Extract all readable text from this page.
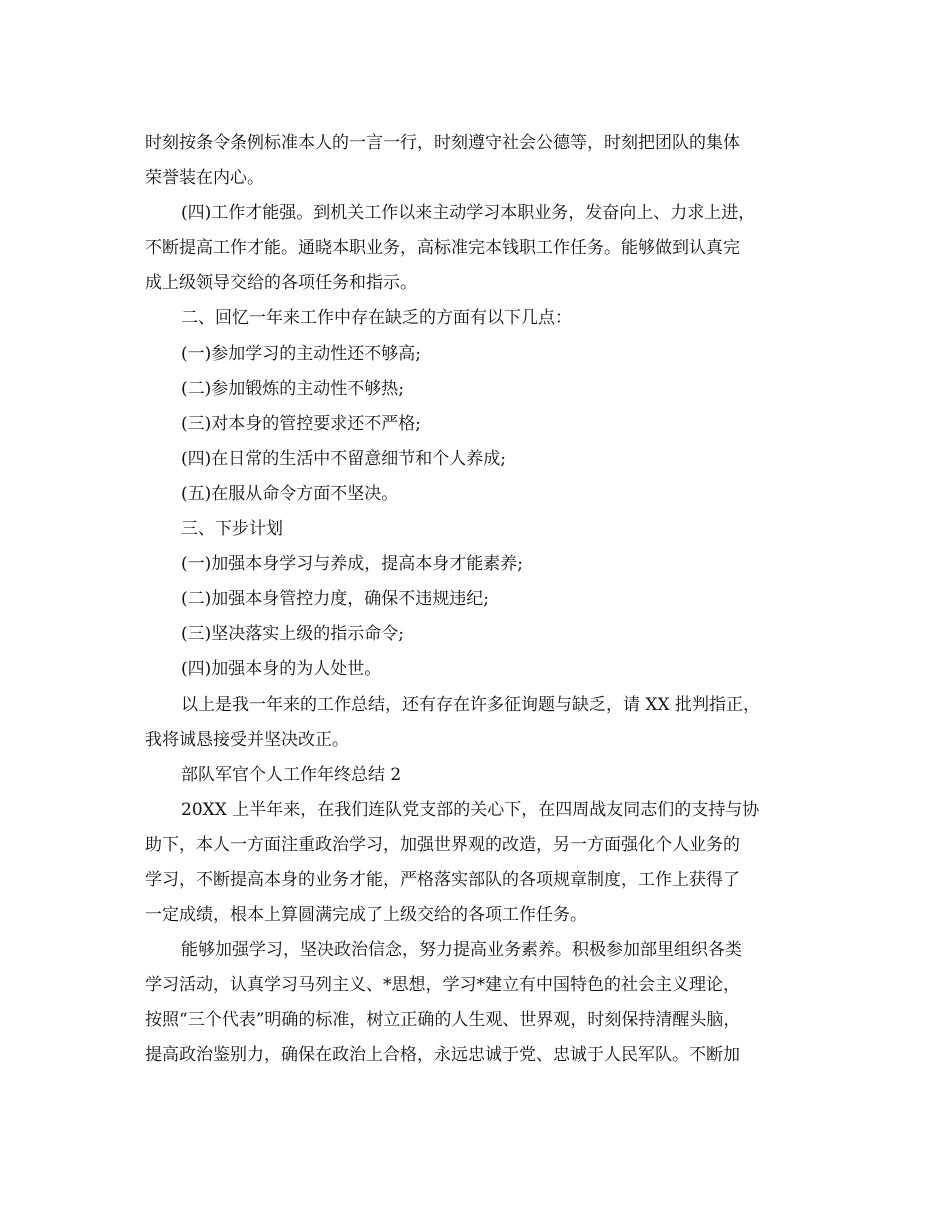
时刻按条令条例标准本人的一言一行，时刻遵守社会公德等，时刻把团队的集体
荣誉装在内心。
(四)工作才能强。到机关工作以来主动学习本职业务，发奋向上、力求上进，
不断提高工作才能。通晓本职业务，高标准完本钱职工作任务。能够做到认真完
成上级领导交给的各项任务和指示。
二、回忆一年来工作中存在缺乏的方面有以下几点：
(一)参加学习的主动性还不够高;
(二)参加锻炼的主动性不够热;
(三)对本身的管控要求还不严格;
(四)在日常的生活中不留意细节和个人养成;
(五)在服从命令方面不坚决。
三、下步计划
(一)加强本身学习与养成，提高本身才能素养;
(二)加强本身管控力度，确保不违规违纪;
(三)坚决落实上级的指示命令;
(四)加强本身的为人处世。
以上是我一年来的工作总结，还有存在许多征询题与缺乏，请 XX 批判指正，
我将诚恳接受并坚决改正。
部队军官个人工作年终总结 2
20XX 上半年来，在我们连队党支部的关心下，在四周战友同志们的支持与协
助下，本人一方面注重政治学习，加强世界观的改造，另一方面强化个人业务的
学习，不断提高本身的业务才能，严格落实部队的各项规章制度，工作上获得了
一定成绩，根本上算圆满完成了上级交给的各项工作任务。
能够加强学习，坚决政治信念，努力提高业务素养。积极参加部里组织各类
学习活动，认真学习马列主义、*思想，学习*建立有中国特色的社会主义理论，
按照“三个代表”明确的标准，树立正确的人生观、世界观，时刻保持清醒头脑，
提高政治鉴别力，确保在政治上合格，永远忠诚于党、忠诚于人民军队。不断加
